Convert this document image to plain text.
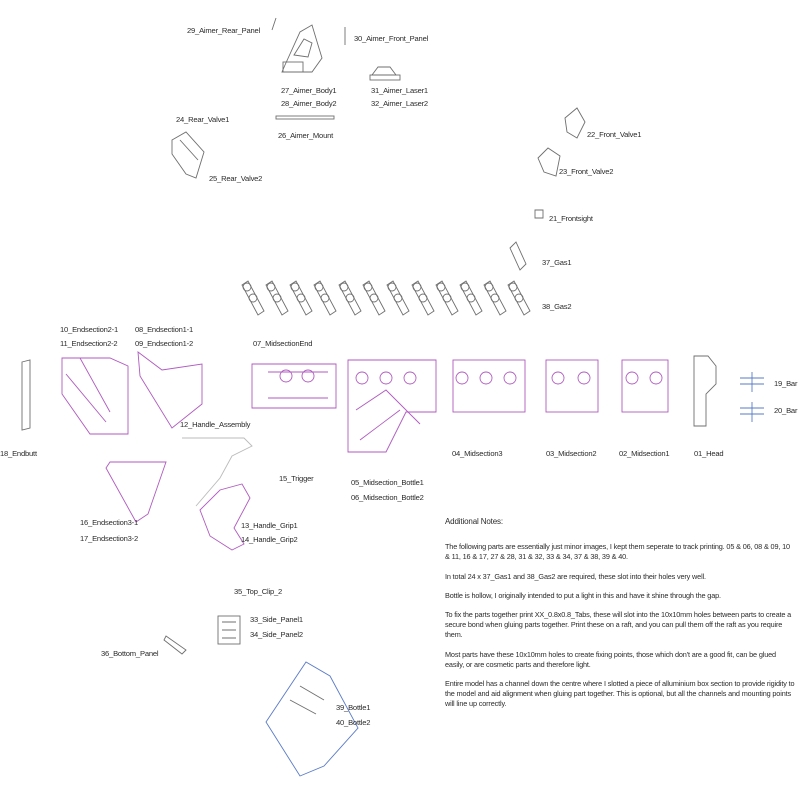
29_Aimer_Rear_Panel
30_Aimer_Front_Panel
27_Aimer_Body1
28_Aimer_Body2
31_Aimer_Laser1
32_Aimer_Laser2
26_Aimer_Mount
24_Rear_Valve1
25_Rear_Valve2
22_Front_Valve1
23_Front_Valve2
21_Frontsight
37_Gas1
38_Gas2
10_Endsection2-1
11_Endsection2-2
08_Endsection1-1
09_Endsection1-2	07_MidsectionEnd
19_Bar
20_Bar
18_Endbutt
12_Handle_Assembly
15_Trigger	05_Midsection_Bottle1
06_Midsection_Bottle2
04_Midsection3	03_Midsection2	02_Midsection1	01_Head
16_Endsection3-1
17_Endsection3-2
13_Handle_Grip1
14_Handle_Grip2
35_Top_Clip_2
33_Side_Panel1
34_Side_Panel2
36_Bottom_Panel
39_Bottle1
40_Bottle2

Additional Notes:

The following parts are essentially just minor images, I kept them seperate to track printing. 05 & 06, 08 & 09, 10 & 11, 16 & 17, 27 & 28, 31 & 32, 33 & 34, 37 & 38, 39 & 40.

In total 24 x 37_Gas1 and 38_Gas2 are required, these slot into their holes very well.

Bottle is hollow, I originally intended to put a light in this and have it shine through the gap.

To fix the parts together print XX_0.8x0.8_Tabs, these will slot into the 10x10mm holes between parts to create a secure bond when gluing parts together. Print these on a raft, and you can pull them off the raft as you require them.

Most parts have these 10x10mm holes to create fixing points, those which don't are a good fit, can be glued easily, or are cosmetic parts and therefore light.

Entire model has a channel down the centre where I slotted a piece of alluminium box section to provide rigidity to the model and aid alignment when gluing part together. This is optional, but all the channels and mounting points will line up correctly.
